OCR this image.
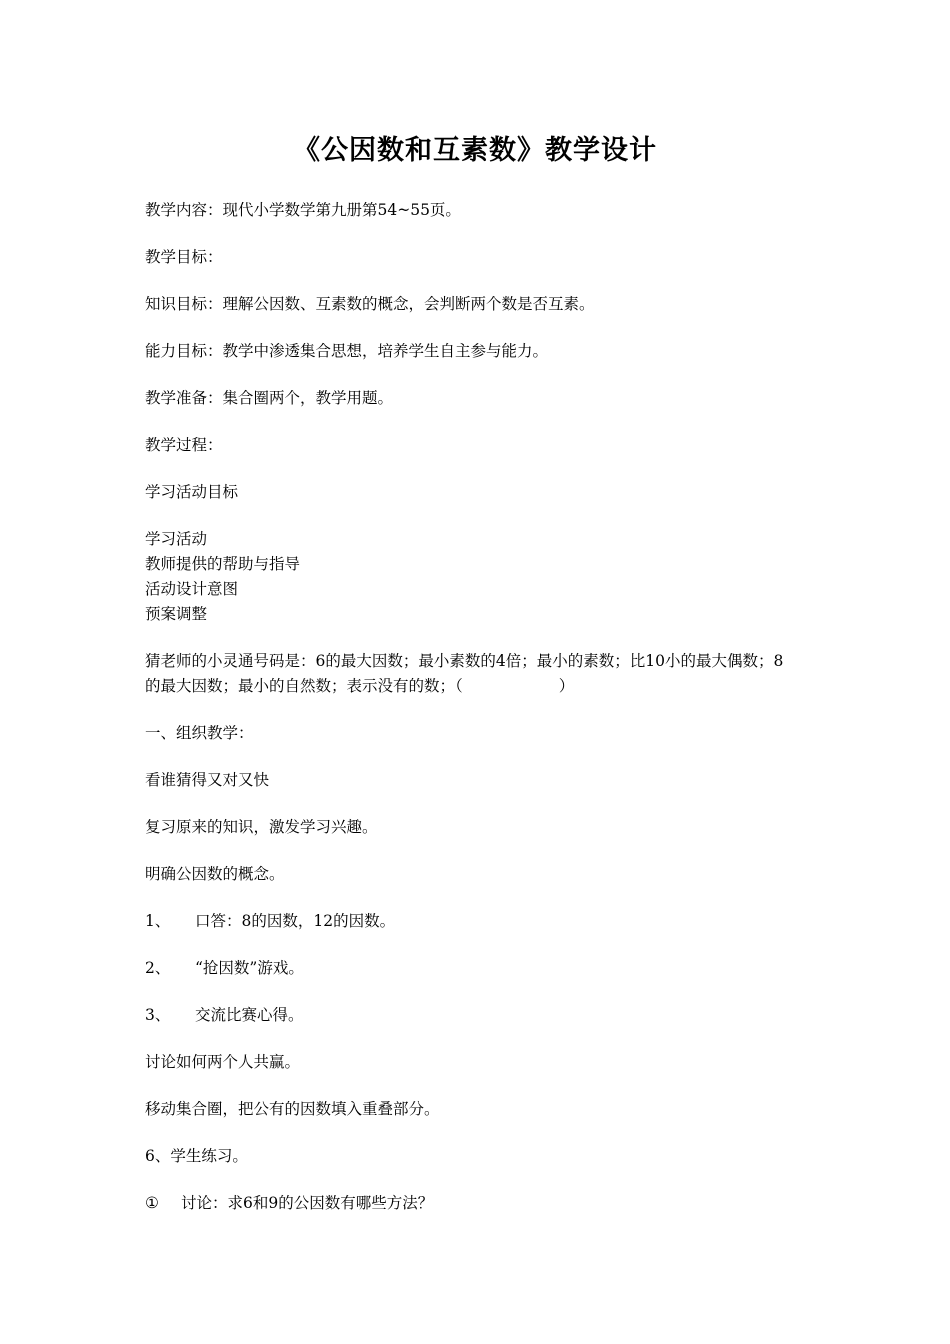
《公因数和互素数》教学设计
教学内容：现代小学数学第九册第54~55页。
教学目标：
知识目标：理解公因数、互素数的概念，会判断两个数是否互素。
能力目标：教学中渗透集合思想，培养学生自主参与能力。
教学准备：集合圈两个，教学用题。
教学过程：
学习活动目标
学习活动
教师提供的帮助与指导
活动设计意图
预案调整
猜老师的小灵通号码是：6的最大因数；最小素数的4倍；最小的素数；比10小的最大偶数；8
的最大因数；最小的自然数；表示没有的数；（	）
一、组织教学：
看谁猜得又对又快
复习原来的知识，激发学习兴趣。
明确公因数的概念。
1、 口答：8的因数，12的因数。
2、 “抢因数”游戏。
3、 交流比赛心得。
讨论如何两个人共赢。
移动集合圈，把公有的因数填入重叠部分。
6、学生练习。
① 讨论：求6和9的公因数有哪些方法？
